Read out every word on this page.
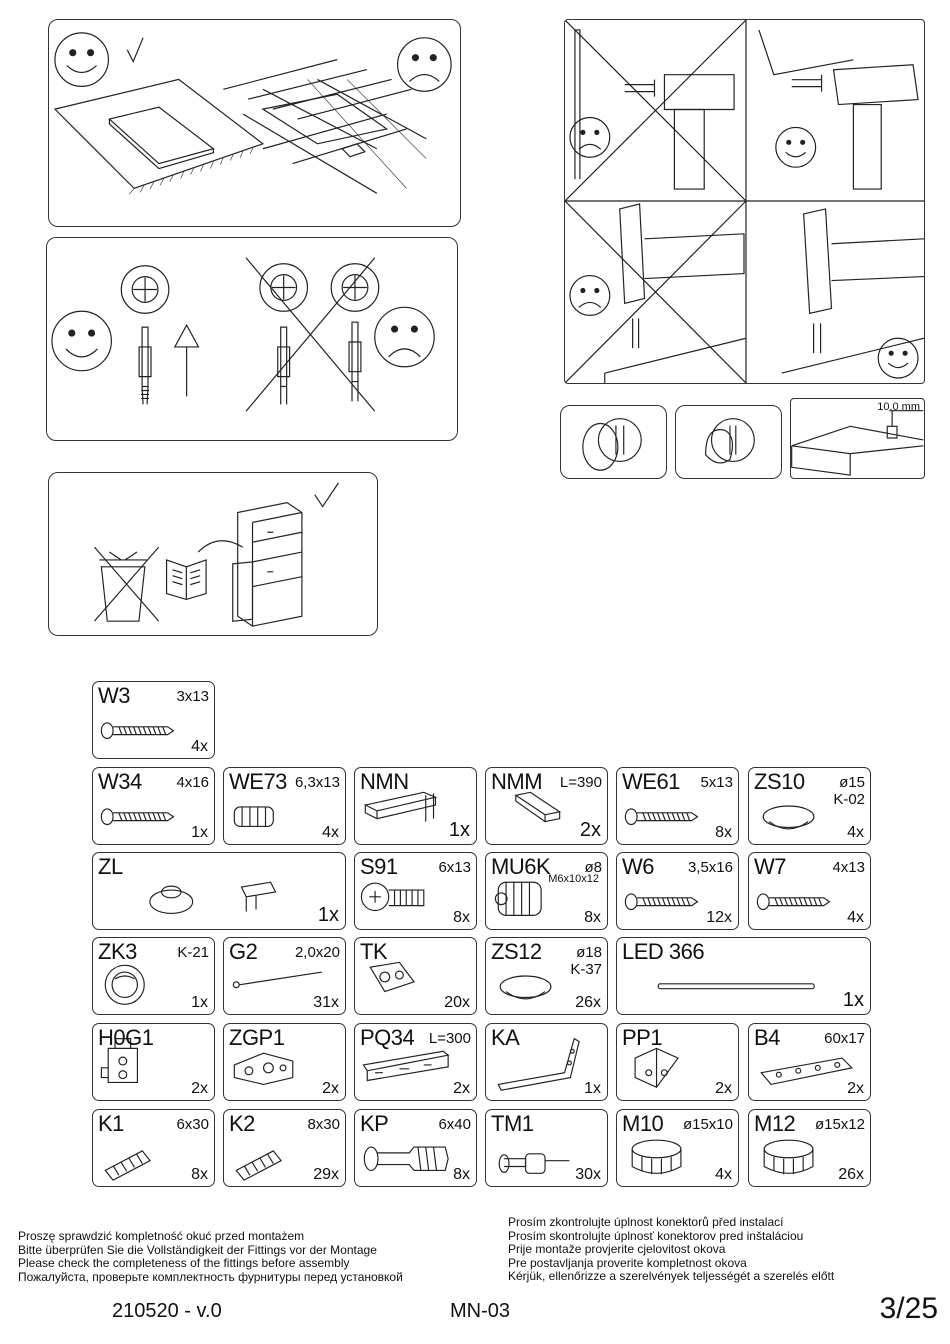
10.0 mm
W3	3x13
4x
W34 4x16
1x
WE73 6,3x13
4x
NMN
1x
NMM L=390
2x
WE61 5x13
8x
ZS10	ø15
K-02
4x
ZL
1x
S91	6x13
8x
MU6K ø8
M6x10x12
8x
W6 3,5x16
12x
W7	4x13
4x
ZK3	K-21
1x
G2	2,0x20
31x
TK
20x
ZS12	ø18
K-37
26x
LED 366
1x
H0G1
2x
ZGP1
2x
PQ34 L=300
2x
KA
1x
PP1
2x
B4	60x17
2x
K1	6x30
8x
K2	8x30
29x
KP	6x40
8x
TM1
30x
M10 ø15x10
4x
M12 ø15x12
26x
Proszę sprawdzić kompletność okuć przed montażem
Bitte überprüfen Sie die Vollständigkeit der Fittings vor der Montage
Please check the completeness of the fittings before assembly
Пожалуйста, проверьте комплектность фурнитуры перед установкой
Prosím zkontrolujte úplnost konektorů před instalací
Prosím skontrolujte úplnosť konektorov pred inštaláciou
Prije montaže provjerite cjelovitost okova
Pre postavljanja proverite kompletnost okova
Kérjük, ellenőrizze a szerelvények teljességét a szerelés előtt
210520 - v.0	MN-03	3/25
